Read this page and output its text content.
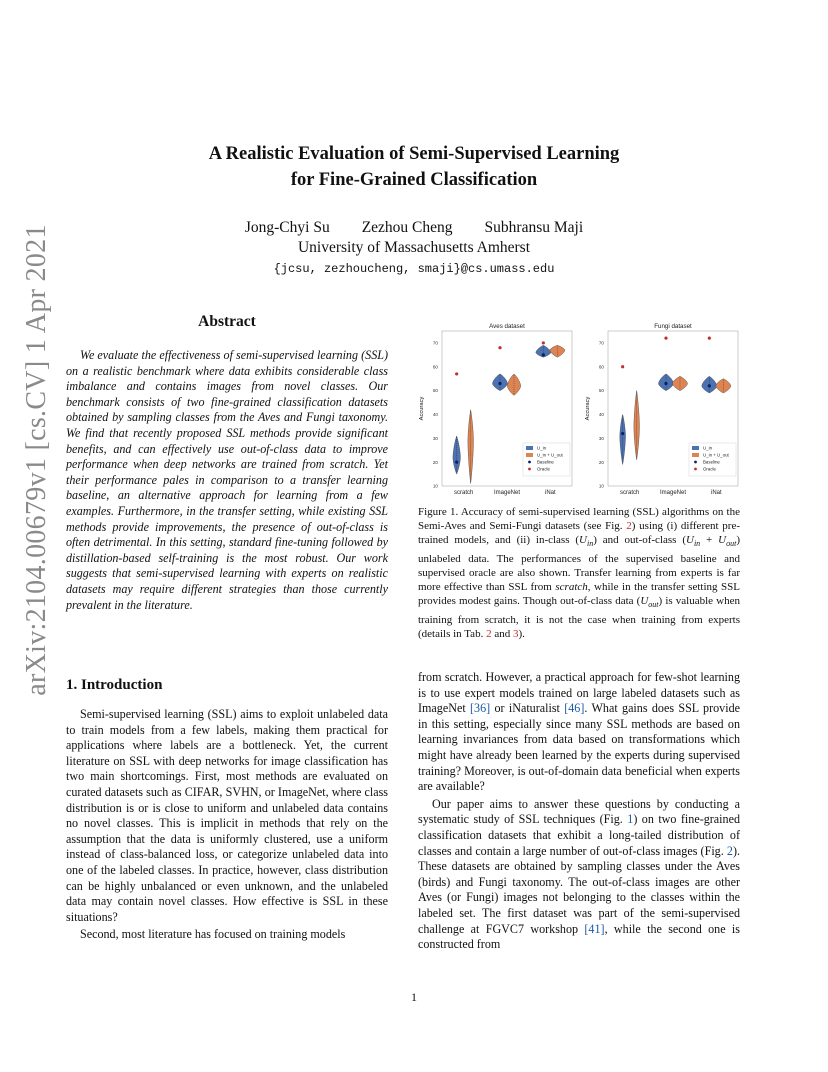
arXiv:2104.00679v1 [cs.CV] 1 Apr 2021
A Realistic Evaluation of Semi-Supervised Learning
for Fine-Grained Classification
Jong-Chyi Su Zezhou Cheng Subhransu Maji
University of Massachusetts Amherst
{jcsu, zezhoucheng, smaji}@cs.umass.edu
Abstract

We evaluate the effectiveness of semi-supervised learning (SSL) on a realistic benchmark where data exhibits considerable class imbalance and contains images from novel classes. Our benchmark consists of two fine-grained classification datasets obtained by sampling classes from the Aves and Fungi taxonomy. We find that recently proposed SSL methods provide significant benefits, and can effectively use out-of-class data to improve performance when deep networks are trained from scratch. Yet their performance pales in comparison to a transfer learning baseline, an alternative approach for learning from a few examples. Furthermore, in the transfer setting, while existing SSL methods provide improvements, the presence of out-of-class is often detrimental. In this setting, standard fine-tuning followed by distillation-based self-training is the most robust. Our work suggests that semi-supervised learning with experts on realistic datasets may require different strategies than those currently prevalent in the literature.

1. Introduction

Semi-supervised learning (SSL) aims to exploit unlabeled data to train models from a few labels, making them practical for applications where labels are a bottleneck. Yet, the current literature on SSL with deep networks for image classification has two main shortcomings. First, most methods are evaluated on curated datasets such as CIFAR, SVHN, or ImageNet, where class distribution is or is close to uniform and unlabeled data contains no novel classes. This is implicit in methods that rely on the assumption that the data is uniformly clustered, use a uniform instead of class-balanced loss, or categorize unlabeled data into one of the labeled classes. In practice, however, class distribution can be highly unbalanced or even unknown, and the unlabeled data may contain novel classes. How effective is SSL in these situations?

Second, most literature has focused on training models

from scratch. However, a practical approach for few-shot learning is to use expert models trained on large labeled datasets such as ImageNet [36] or iNaturalist [46]. What gains does SSL provide in this setting, especially since many SSL methods are based on learning invariances from data based on transformations which might have already been learned by the experts during supervised training? Moreover, is out-of-domain data beneficial when experts are available?

Our paper aims to answer these questions by conducting a systematic study of SSL techniques (Fig. 1) on two fine-grained classification datasets that exhibit a long-tailed distribution of classes and contain a large number of out-of-class images (Fig. 2). These datasets are obtained by sampling classes under the Aves (birds) and Fungi taxonomy. The out-of-class images are other Aves (or Fungi) images not belonging to the classes within the labeled set. The first dataset was part of the semi-supervised challenge at FGVC7 workshop [41], while the second one is constructed from

Aves dataset
Accuracy
10
20
30
40
50
60
70
scratch	ImageNet	iNat
U_in
U_in + U_out
Baseline
Oracle
Fungi dataset
Accuracy
10
20
30
40
50
60
70
scratch	ImageNet	iNat
U_in
U_in + U_out
Baseline
Oracle

Figure 1. Accuracy of semi-supervised learning (SSL) algorithms on the Semi-Aves and Semi-Fungi datasets (see Fig. 2) using (i) different pre-trained models, and (ii) in-class $(U_{in})$ and out-of-class $(U_{in} + U_{out})$ unlabeled data. The performances of the supervised baseline and supervised oracle are also shown. Transfer learning from experts is far more effective than SSL from scratch, while in the transfer setting SSL provides modest gains. Though out-of-class data $(U_{out})$ is valuable when training from scratch, it is not the case when training from experts (details in Tab. 2 and 3).

1
